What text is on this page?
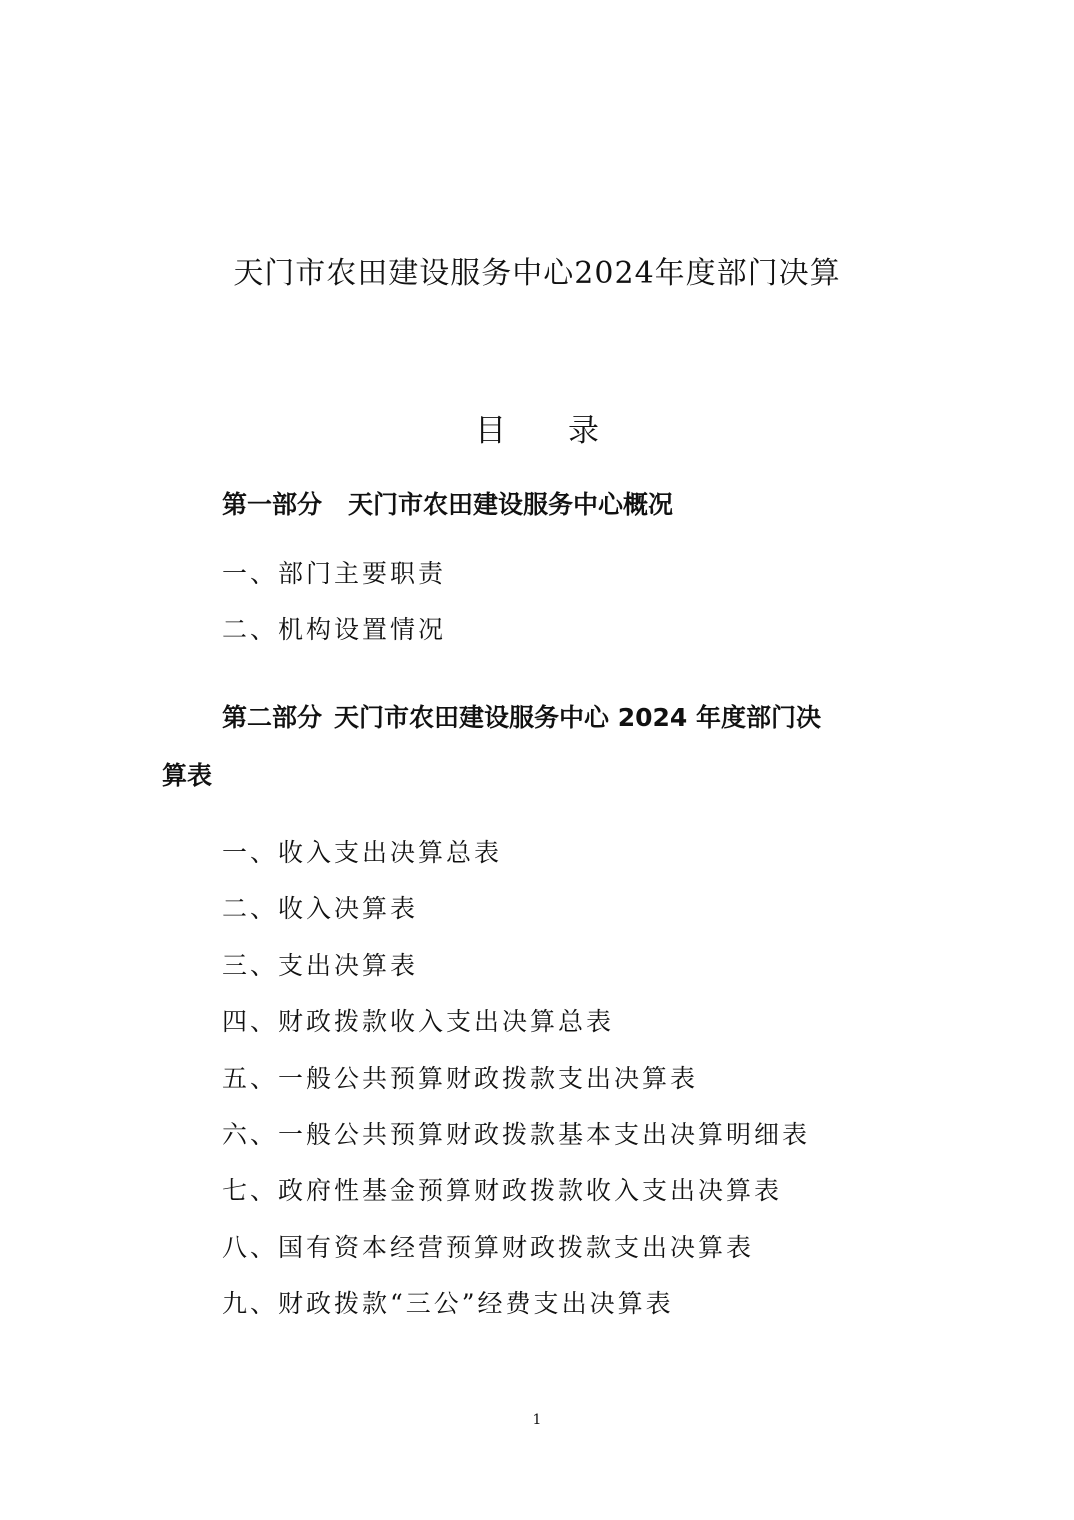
天门市农田建设服务中心2024年度部门决算
目 录
第一部分 天门市农田建设服务中心概况
一、部门主要职责
二、机构设置情况
第二部分 天门市农田建设服务中心 2024 年度部门决
算表
一、收入支出决算总表
二、收入决算表
三、支出决算表
四、财政拨款收入支出决算总表
五、一般公共预算财政拨款支出决算表
六、一般公共预算财政拨款基本支出决算明细表
七、政府性基金预算财政拨款收入支出决算表
八、国有资本经营预算财政拨款支出决算表
九、财政拨款“三公”经费支出决算表
1
